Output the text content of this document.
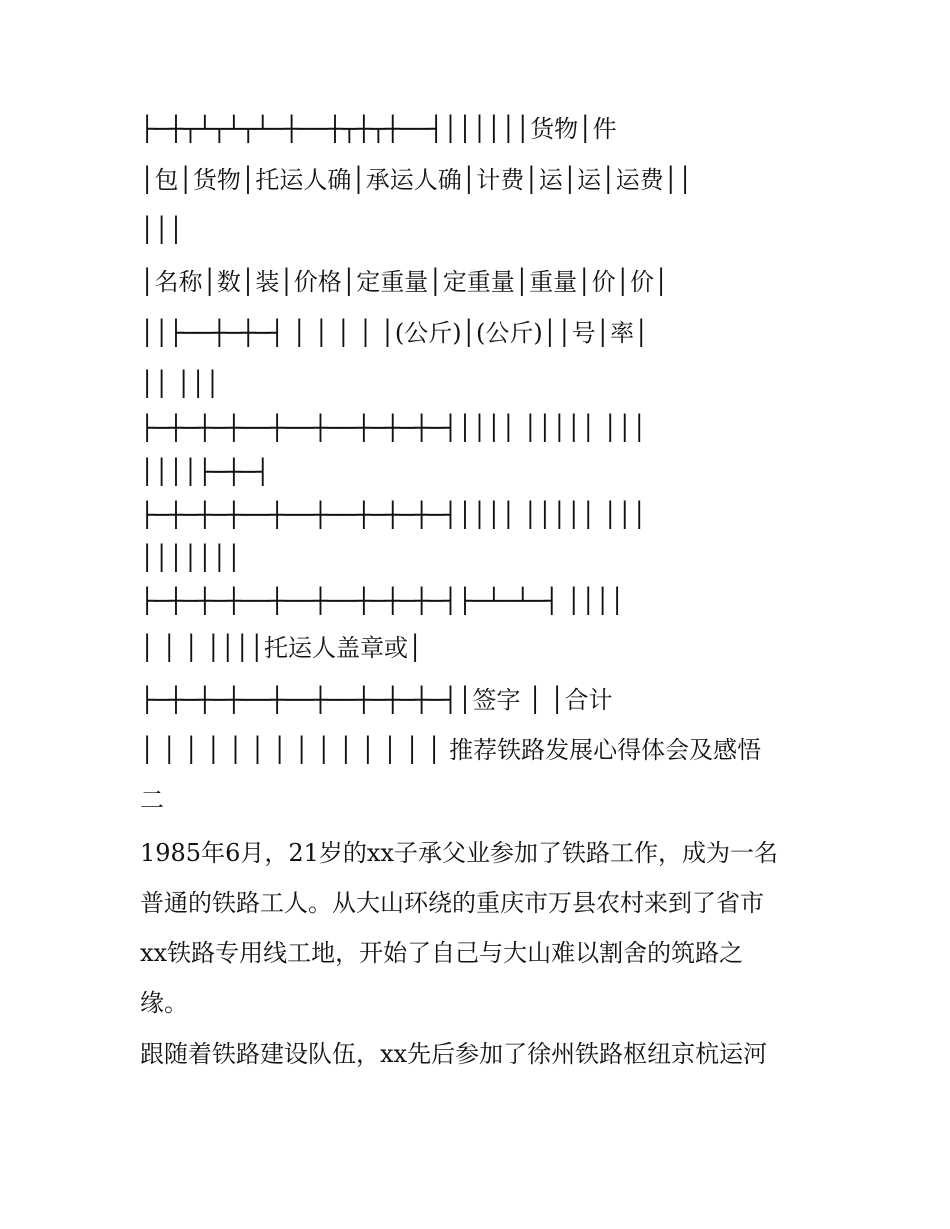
├─┼┬┴┬┴┬┴─┼──┼┬┼┬┼──┤││││││货物│件
│包│货物│托运人确│承运人确│计费│运│运│运费││
│││
│名称│数│装│价格│定重量│定重量│重量│价│价│
││├──┼─┼─┤ │ │ │ │ │(公斤)│(公斤)││号│率│
││ │││
├─┼─┼─┼──┼──┼──┼─┼─┼─┤││││ │││││ │││
││││├─┼─┤
├─┼─┼─┼──┼──┼──┼─┼─┼─┤││││ │││││ │││
│││││││
├─┼─┼─┼──┼──┼──┼─┼─┼─┤├─┴─┴─┤ ││││
│ │ │ ││││托运人盖章或│
├─┼─┼─┼──┼──┼──┼─┼─┼─┤│签字 │ │合计
│ │ │ │ │ │ │ │ │ │ │ │ │ │ 推荐铁路发展心得体会及感悟
二
1985年6月，21岁的xx子承父业参加了铁路工作，成为一名
普通的铁路工人。从大山环绕的重庆市万县农村来到了省市
xx铁路专用线工地，开始了自己与大山难以割舍的筑路之
缘。
跟随着铁路建设队伍，xx先后参加了徐州铁路枢纽京杭运河
